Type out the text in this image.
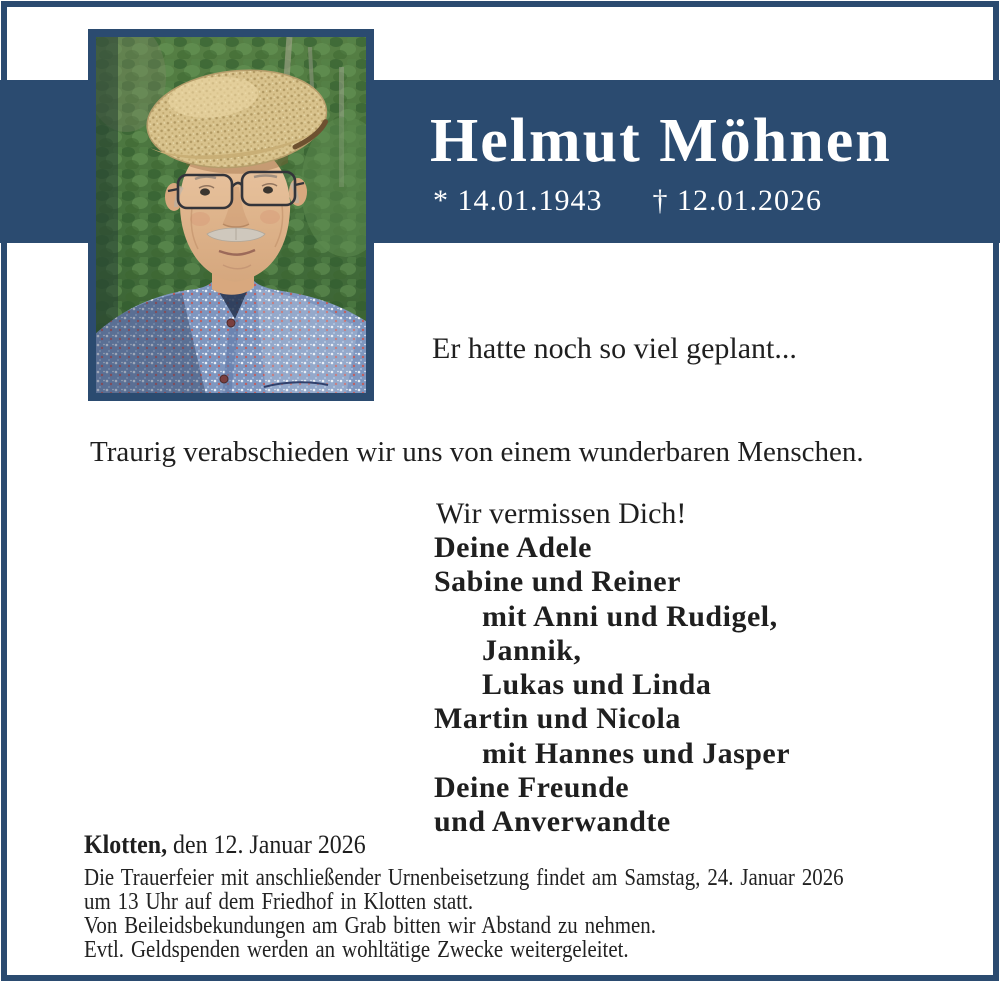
Helmut Möhnen
* 14.01.1943 † 12.01.2026
Er hatte noch so viel geplant...
Traurig verabschieden wir uns von einem wunderbaren Menschen.
Wir vermissen Dich!
Deine Adele
Sabine und Reiner
mit Anni und Rudigel,
Jannik,
Lukas und Linda
Martin und Nicola
mit Hannes und Jasper
Deine Freunde
und Anverwandte
Klotten, den 12. Januar 2026
Die Trauerfeier mit anschließender Urnenbeisetzung findet am Samstag, 24. Januar 2026
um 13 Uhr auf dem Friedhof in Klotten statt.
Von Beileidsbekundungen am Grab bitten wir Abstand zu nehmen.
Evtl. Geldspenden werden an wohltätige Zwecke weitergeleitet.
